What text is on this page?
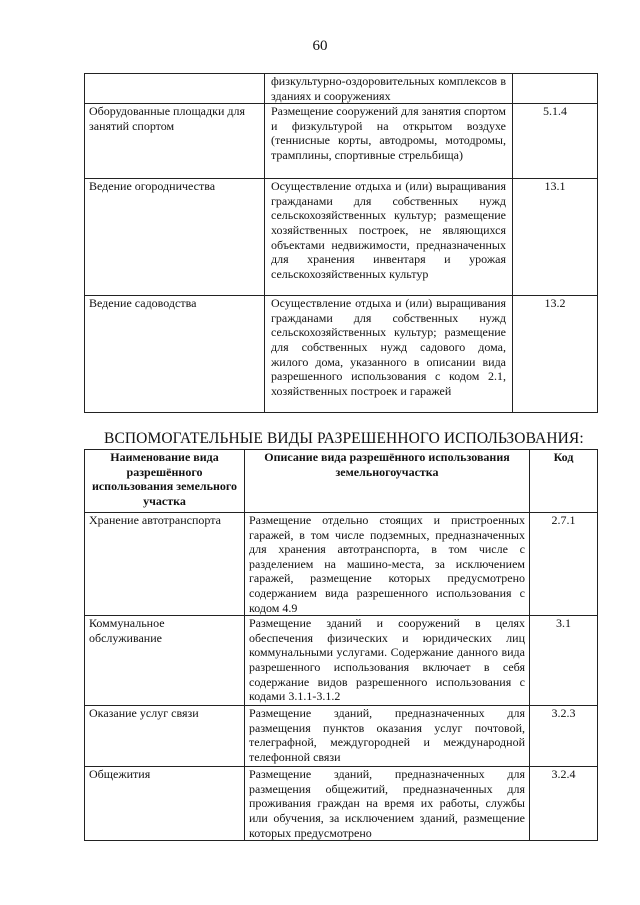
60
	физкультурно-оздоровительных комплексов в зданиях и сооружениях	
Оборудованные площадки для занятий спортом	Размещение сооружений для занятия спортом и физкультурой на открытом воздухе (теннисные корты, автодромы, мотодромы, трамплины, спортивные стрельбища)	5.1.4
Ведение огородничества	Осуществление отдыха и (или) выращивания гражданами для собственных нужд сельскохозяйственных культур; размещение хозяйственных построек, не являющихся объектами недвижимости, предназначенных для хранения инвентаря и урожая сельскохозяйственных культур	13.1
Ведение садоводства	Осуществление отдыха и (или) выращивания гражданами для собственных нужд сельскохозяйственных культур; размещение для собственных нужд садового дома, жилого дома, указанного в описании вида разрешенного использования с кодом 2.1, хозяйственных построек и гаражей	13.2
ВСПОМОГАТЕЛЬНЫЕ ВИДЫ РАЗРЕШЕННОГО ИСПОЛЬЗОВАНИЯ:
Наименование вида разрешённого использования земельного участка	Описание вида разрешённого использования земельногоучастка	Код
Хранение автотранспорта	Размещение отдельно стоящих и пристроенных гаражей, в том числе подземных, предназначенных для хранения автотранспорта, в том числе с разделением на машино-места, за исключением гаражей, размещение которых предусмотрено содержанием вида разрешенного использования с кодом 4.9	2.7.1
Коммунальное обслуживание	Размещение зданий и сооружений в целях обеспечения физических и юридических лиц коммунальными услугами. Содержание данного вида разрешенного использования включает в себя содержание видов разрешенного использования с кодами 3.1.1-3.1.2	3.1
Оказание услуг связи	Размещение зданий, предназначенных для размещения пунктов оказания услуг почтовой, телеграфной, междугородней и международной телефонной связи	3.2.3
Общежития	Размещение зданий, предназначенных для размещения общежитий, предназначенных для проживания граждан на время их работы, службы или обучения, за исключением зданий, размещение которых предусмотрено	3.2.4
